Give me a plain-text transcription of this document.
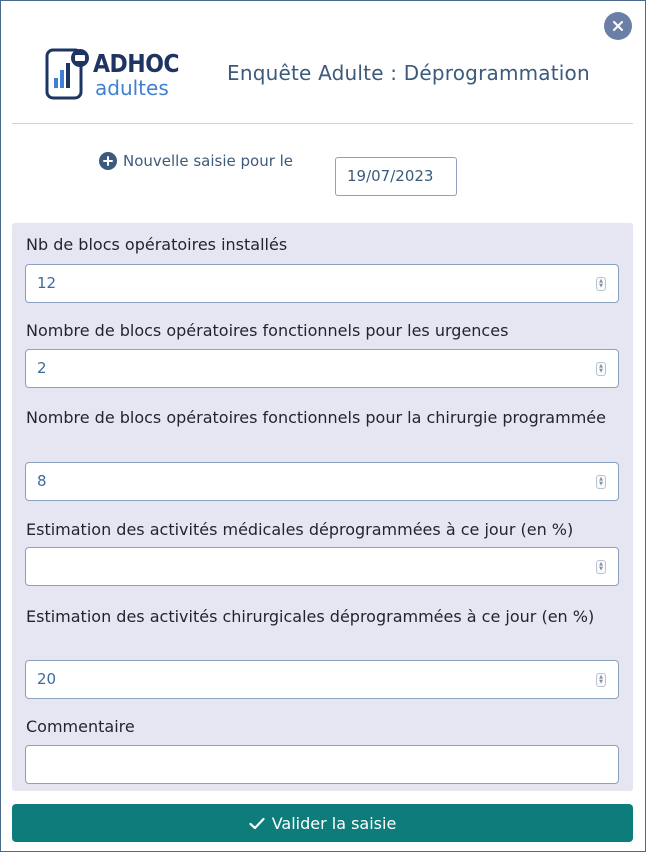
ADHOC
adultes
Enquête Adulte : Déprogrammation
Nouvelle saisie pour le
19/07/2023
Nb de blocs opératoires installés
12	▲
▼
Nombre de blocs opératoires fonctionnels pour les urgences
2	▲
▼
Nombre de blocs opératoires fonctionnels pour la chirurgie programmée
8	▲
▼
Estimation des activités médicales déprogrammées à ce jour (en %)
▲
▼
Estimation des activités chirurgicales déprogrammées à ce jour (en %)
20	▲
▼
Commentaire
Valider la saisie
